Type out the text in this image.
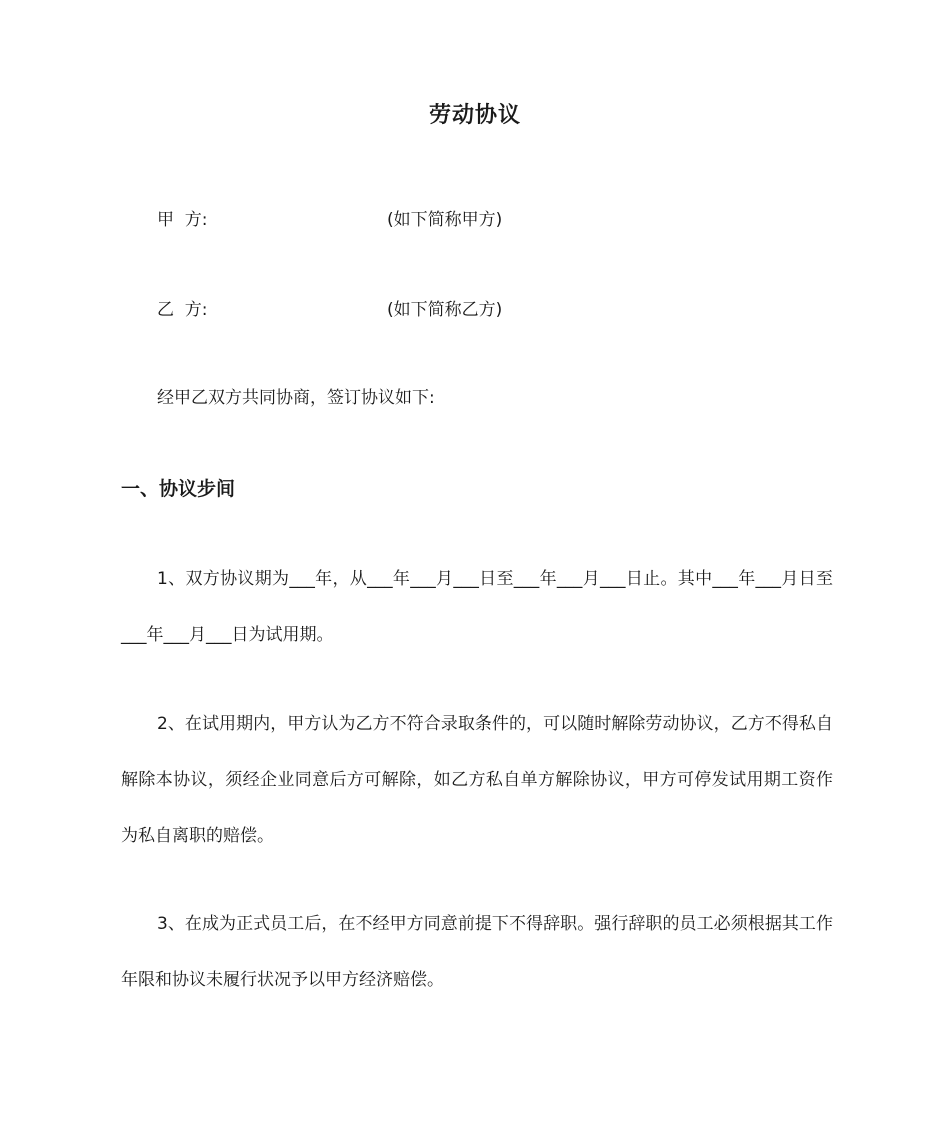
劳动协议
甲  方:	(如下简称甲方)
乙  方:	(如下简称乙方)
经甲乙双方共同协商，签订协议如下:
一、协议步间

1、双方协议期为___年，从___年___月___日至___年___月___日止。其中___年___月日至___年___月___日为试用期。

2、在试用期内，甲方认为乙方不符合录取条件的，可以随时解除劳动协议，乙方不得私自解除本协议，须经企业同意后方可解除，如乙方私自单方解除协议，甲方可停发试用期工资作为私自离职的赔偿。

3、在成为正式员工后，在不经甲方同意前提下不得辞职。强行辞职的员工必须根据其工作年限和协议未履行状况予以甲方经济赔偿。
